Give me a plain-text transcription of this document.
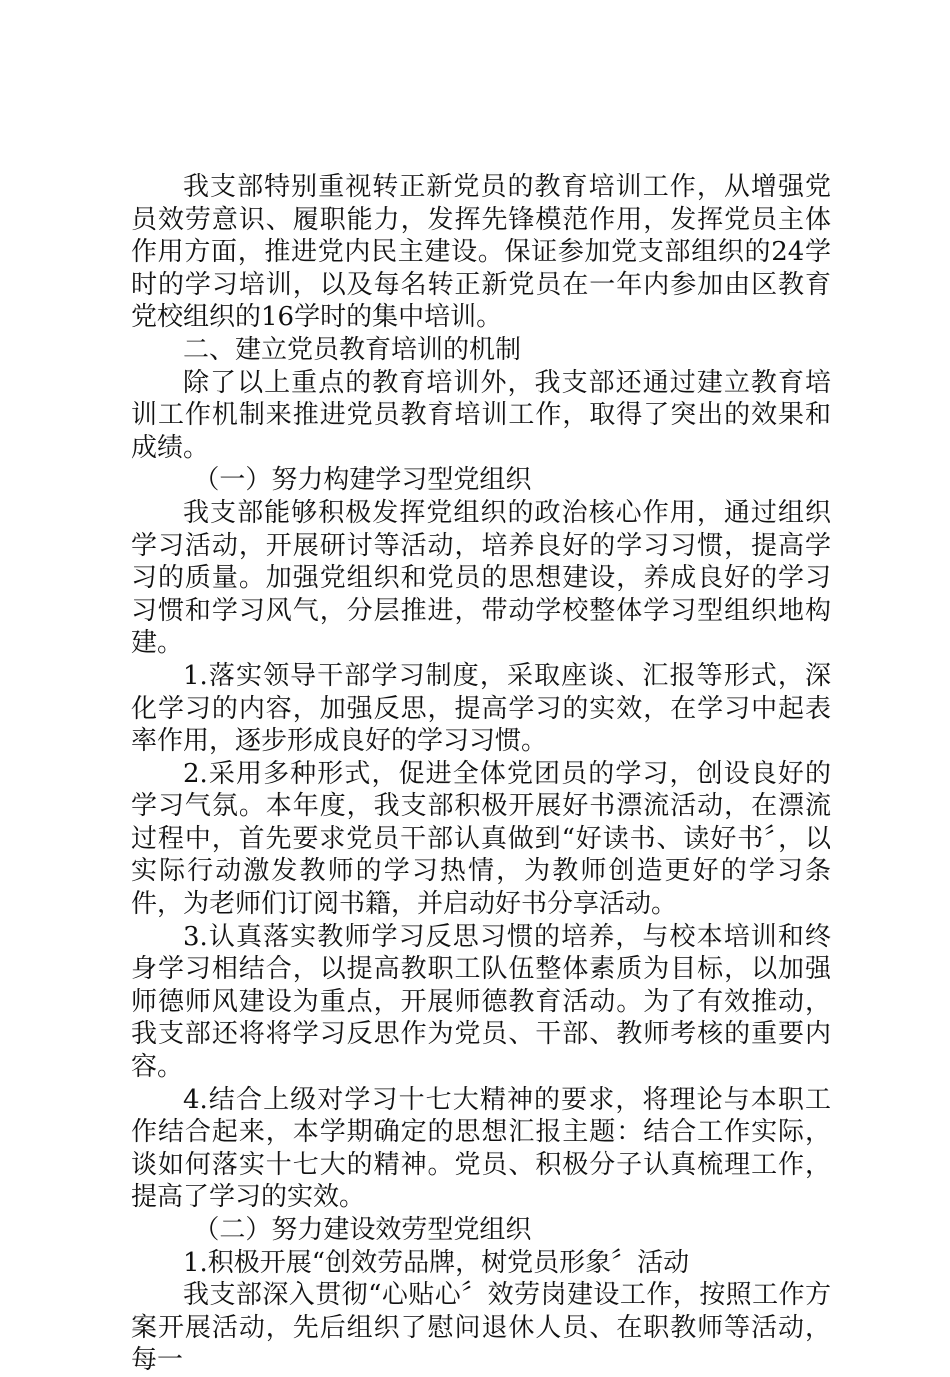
我支部特别重视转正新党员的教育培训工作，从增强党员效劳意识、履职能力，发挥先锋模范作用，发挥党员主体作用方面，推进党内民主建设。保证参加党支部组织的24学时的学习培训，以及每名转正新党员在一年内参加由区教育党校组织的16学时的集中培训。

二、建立党员教育培训的机制

除了以上重点的教育培训外，我支部还通过建立教育培训工作机制来推进党员教育培训工作，取得了突出的效果和成绩。

（一）努力构建学习型党组织

我支部能够积极发挥党组织的政治核心作用，通过组织学习活动，开展研讨等活动，培养良好的学习习惯，提高学习的质量。加强党组织和党员的思想建设，养成良好的学习习惯和学习风气，分层推进，带动学校整体学习型组织地构建。

1.落实领导干部学习制度，采取座谈、汇报等形式，深化学习的内容，加强反思，提高学习的实效，在学习中起表率作用，逐步形成良好的学习习惯。

2.采用多种形式，促进全体党团员的学习，创设良好的学习气氛。本年度，我支部积极开展好书漂流活动，在漂流过程中，首先要求党员干部认真做到“好读书、读好书〞，以实际行动激发教师的学习热情，为教师创造更好的学习条件，为老师们订阅书籍，并启动好书分享活动。

3.认真落实教师学习反思习惯的培养，与校本培训和终身学习相结合，以提高教职工队伍整体素质为目标，以加强师德师风建设为重点，开展师德教育活动。为了有效推动，我支部还将将学习反思作为党员、干部、教师考核的重要内容。

4.结合上级对学习十七大精神的要求，将理论与本职工作结合起来，本学期确定的思想汇报主题：结合工作实际，谈如何落实十七大的精神。党员、积极分子认真梳理工作，提高了学习的实效。

（二）努力建设效劳型党组织

1.积极开展“创效劳品牌，树党员形象〞活动

我支部深入贯彻“心贴心〞效劳岗建设工作，按照工作方案开展活动，先后组织了慰问退休人员、在职教师等活动，每一
